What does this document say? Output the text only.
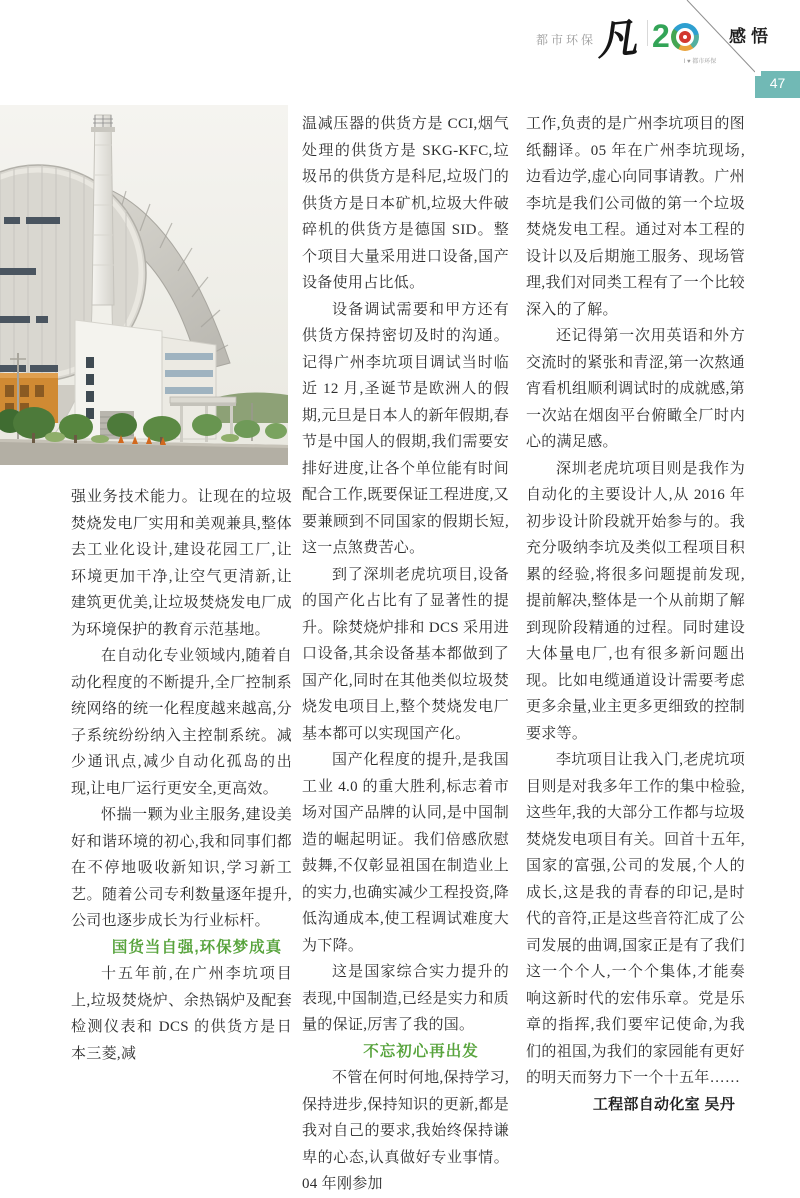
都市环保
凡 2
I ♥ 都市环保
感悟
47

强业务技术能力。让现在的垃圾焚烧发电厂实用和美观兼具,整体去工业化设计,建设花园工厂,让环境更加干净,让空气更清新,让建筑更优美,让垃圾焚烧发电厂成为环境保护的教育示范基地。

在自动化专业领域内,随着自动化程度的不断提升,全厂控制系统网络的统一化程度越来越高,分子系统纷纷纳入主控制系统。减少通讯点,减少自动化孤岛的出现,让电厂运行更安全,更高效。

怀揣一颗为业主服务,建设美好和谐环境的初心,我和同事们都在不停地吸收新知识,学习新工艺。随着公司专利数量逐年提升,公司也逐步成长为行业标杆。

国货当自强,环保梦成真

十五年前,在广州李坑项目上,垃圾焚烧炉、余热锅炉及配套检测仪表和 DCS 的供货方是日本三菱,减

温减压器的供货方是 CCI,烟气处理的供货方是 SKG-KFC,垃圾吊的供货方是科尼,垃圾门的供货方是日本矿机,垃圾大件破碎机的供货方是德国 SID。整个项目大量采用进口设备,国产设备使用占比低。

设备调试需要和甲方还有供货方保持密切及时的沟通。记得广州李坑项目调试当时临近 12 月,圣诞节是欧洲人的假期,元旦是日本人的新年假期,春节是中国人的假期,我们需要安排好进度,让各个单位能有时间配合工作,既要保证工程进度,又要兼顾到不同国家的假期长短,这一点煞费苦心。

到了深圳老虎坑项目,设备的国产化占比有了显著性的提升。除焚烧炉排和 DCS 采用进口设备,其余设备基本都做到了国产化,同时在其他类似垃圾焚烧发电项目上,整个焚烧发电厂基本都可以实现国产化。

国产化程度的提升,是我国工业 4.0 的重大胜利,标志着市场对国产品牌的认同,是中国制造的崛起明证。我们倍感欣慰鼓舞,不仅彰显祖国在制造业上的实力,也确实减少工程投资,降低沟通成本,使工程调试难度大为下降。

这是国家综合实力提升的表现,中国制造,已经是实力和质量的保证,厉害了我的国。

不忘初心再出发

不管在何时何地,保持学习,保持进步,保持知识的更新,都是我对自己的要求,我始终保持谦卑的心态,认真做好专业事情。04 年刚参加

工作,负责的是广州李坑项目的图纸翻译。05 年在广州李坑现场,边看边学,虚心向同事请教。广州李坑是我们公司做的第一个垃圾焚烧发电工程。通过对本工程的设计以及后期施工服务、现场管理,我们对同类工程有了一个比较深入的了解。

还记得第一次用英语和外方交流时的紧张和青涩,第一次熬通宵看机组顺利调试时的成就感,第一次站在烟囱平台俯瞰全厂时内心的满足感。

深圳老虎坑项目则是我作为自动化的主要设计人,从 2016 年初步设计阶段就开始参与的。我充分吸纳李坑及类似工程项目积累的经验,将很多问题提前发现,提前解决,整体是一个从前期了解到现阶段精通的过程。同时建设大体量电厂,也有很多新问题出现。比如电缆通道设计需要考虑更多余量,业主更多更细致的控制要求等。

李坑项目让我入门,老虎坑项目则是对我多年工作的集中检验,这些年,我的大部分工作都与垃圾焚烧发电项目有关。回首十五年,国家的富强,公司的发展,个人的成长,这是我的青春的印记,是时代的音符,正是这些音符汇成了公司发展的曲调,国家正是有了我们这一个个人,一个个集体,才能奏响这新时代的宏伟乐章。党是乐章的指挥,我们要牢记使命,为我们的祖国,为我们的家园能有更好的明天而努力下一个十五年……

工程部自动化室 吴丹
